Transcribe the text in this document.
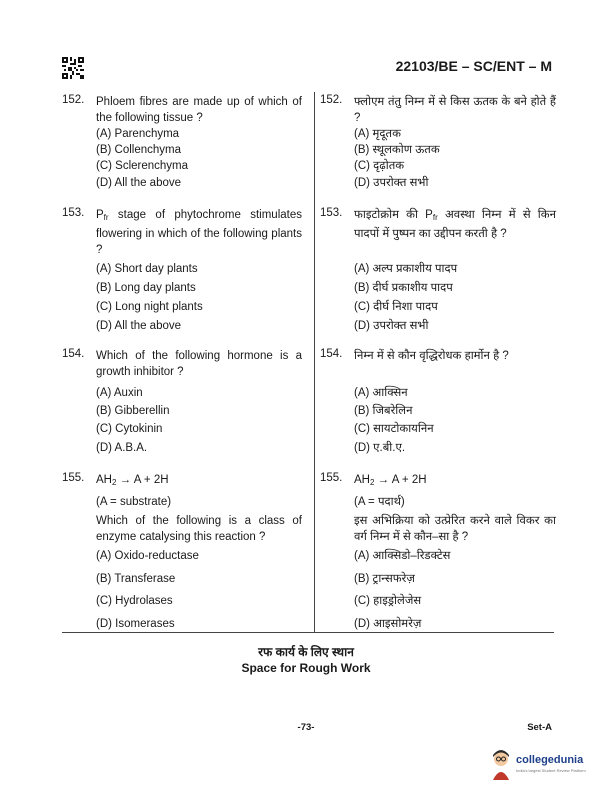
22103/BE – SC/ENT – M
152. Phloem fibres are made up of which of the following tissue ?
(A) Parenchyma
(B) Collenchyma
(C) Sclerenchyma
(D) All the above
153. $P_{fr}$ stage of phytochrome stimulates flowering in which of the following plants ?
(A) Short day plants
(B) Long day plants
(C) Long night plants
(D) All the above
154. Which of the following hormone is a growth inhibitor ?
(A) Auxin
(B) Gibberellin
(C) Cytokinin
(D) A.B.A.
155. $AH_2 \to A + 2H$
(A = substrate)
Which of the following is a class of enzyme catalysing this reaction ?
(A) Oxido-reductase
(B) Transferase
(C) Hydrolases
(D) Isomerases
152. फ्लोएम तंतु निम्न में से किस ऊतक के बने होते हैं ?
(A) मृदूतक
(B) स्थूलकोण ऊतक
(C) दृढ़ोतक
(D) उपरोक्त सभी
153. फाइटोक्रोम की $P_{fr}$ अवस्था निम्न में से किन पादपों में पुष्पन का उद्दीपन करती है ?
(A) अल्प प्रकाशीय पादप
(B) दीर्घ प्रकाशीय पादप
(C) दीर्घ निशा पादप
(D) उपरोक्त सभी
154. निम्न में से कौन वृद्धिरोधक हार्मोन है ?
(A) आक्सिन
(B) जिबरेलिन
(C) सायटोकायनिन
(D) ए.बी.ए.
155. $AH_2 \to A + 2H$
(A = पदार्थ)
इस अभिक्रिया को उत्प्रेरित करने वाले विकर का वर्ग निम्न में से कौन–सा है ?
(A) आक्सिडो–रिडक्टेस
(B) ट्रान्सफरेज़
(C) हाइड्रोलेजेस
(D) आइसोमरेज़
रफ कार्य के लिए स्थान
Space for Rough Work
-73-	Set-A
collegedunia
India's largest Student Review Platform
